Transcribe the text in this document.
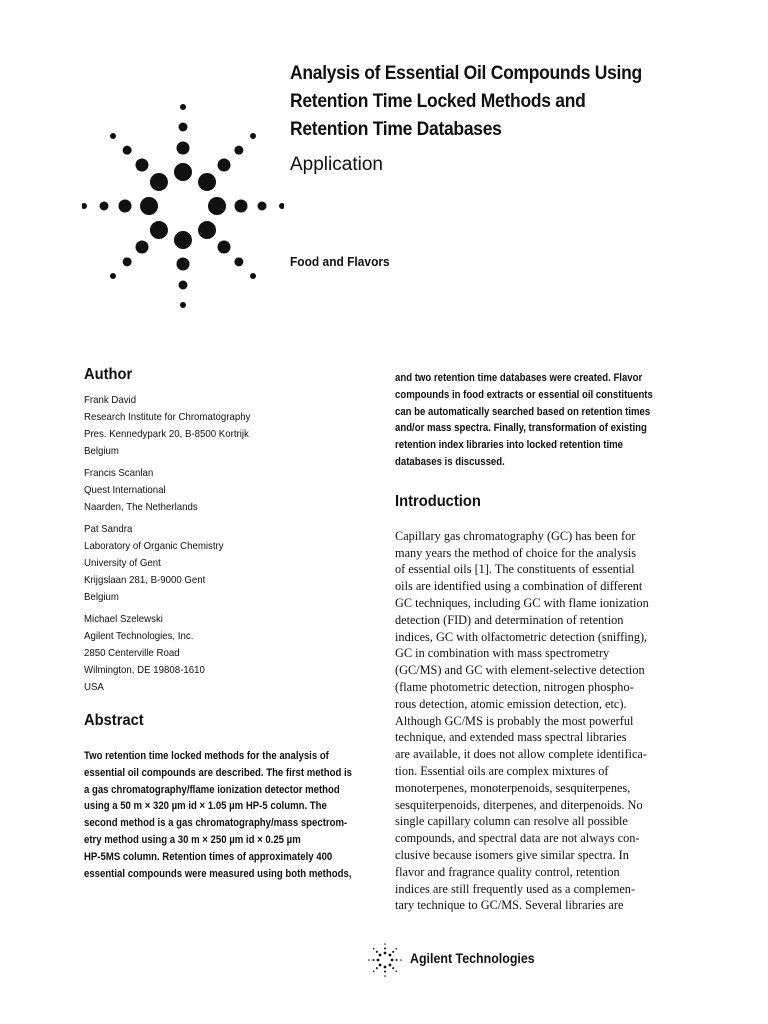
Analysis of Essential Oil Compounds Using
Retention Time Locked Methods and
Retention Time Databases
Application
Food and Flavors
Author
Frank David
Research Institute for Chromatography
Pres. Kennedypark 20, B-8500 Kortrijk
Belgium
Francis Scanlan
Quest International
Naarden, The Netherlands
Pat Sandra
Laboratory of Organic Chemistry
University of Gent
Krijgslaan 281, B-9000 Gent
Belgium
Michael Szelewski
Agilent Technologies, Inc.
2850 Centerville Road
Wilmington, DE 19808-1610
USA
Abstract
Two retention time locked methods for the analysis of
essential oil compounds are described. The first method is
a gas chromatography/flame ionization detector method
using a 50 m × 320 µm id × 1.05 µm HP-5 column. The
second method is a gas chromatography/mass spectrom-
etry method using a 30 m × 250 µm id × 0.25 µm
HP-5MS column. Retention times of approximately 400
essential compounds were measured using both methods,
and two retention time databases were created. Flavor
compounds in food extracts or essential oil constituents
can be automatically searched based on retention times
and/or mass spectra. Finally, transformation of existing
retention index libraries into locked retention time
databases is discussed.
Introduction
Capillary gas chromatography (GC) has been for
many years the method of choice for the analysis
of essential oils [1]. The constituents of essential
oils are identified using a combination of different
GC techniques, including GC with flame ionization
detection (FID) and determination of retention
indices, GC with olfactometric detection (sniffing),
GC in combination with mass spectrometry
(GC/MS) and GC with element-selective detection
(flame photometric detection, nitrogen phospho-
rous detection, atomic emission detection, etc).
Although GC/MS is probably the most powerful
technique, and extended mass spectral libraries
are available, it does not allow complete identifica-
tion. Essential oils are complex mixtures of
monoterpenes, monoterpenoids, sesquiterpenes,
sesquiterpenoids, diterpenes, and diterpenoids. No
single capillary column can resolve all possible
compounds, and spectral data are not always con-
clusive because isomers give similar spectra. In
flavor and fragrance quality control, retention
indices are still frequently used as a complemen-
tary technique to GC/MS. Several libraries are
Agilent Technologies
